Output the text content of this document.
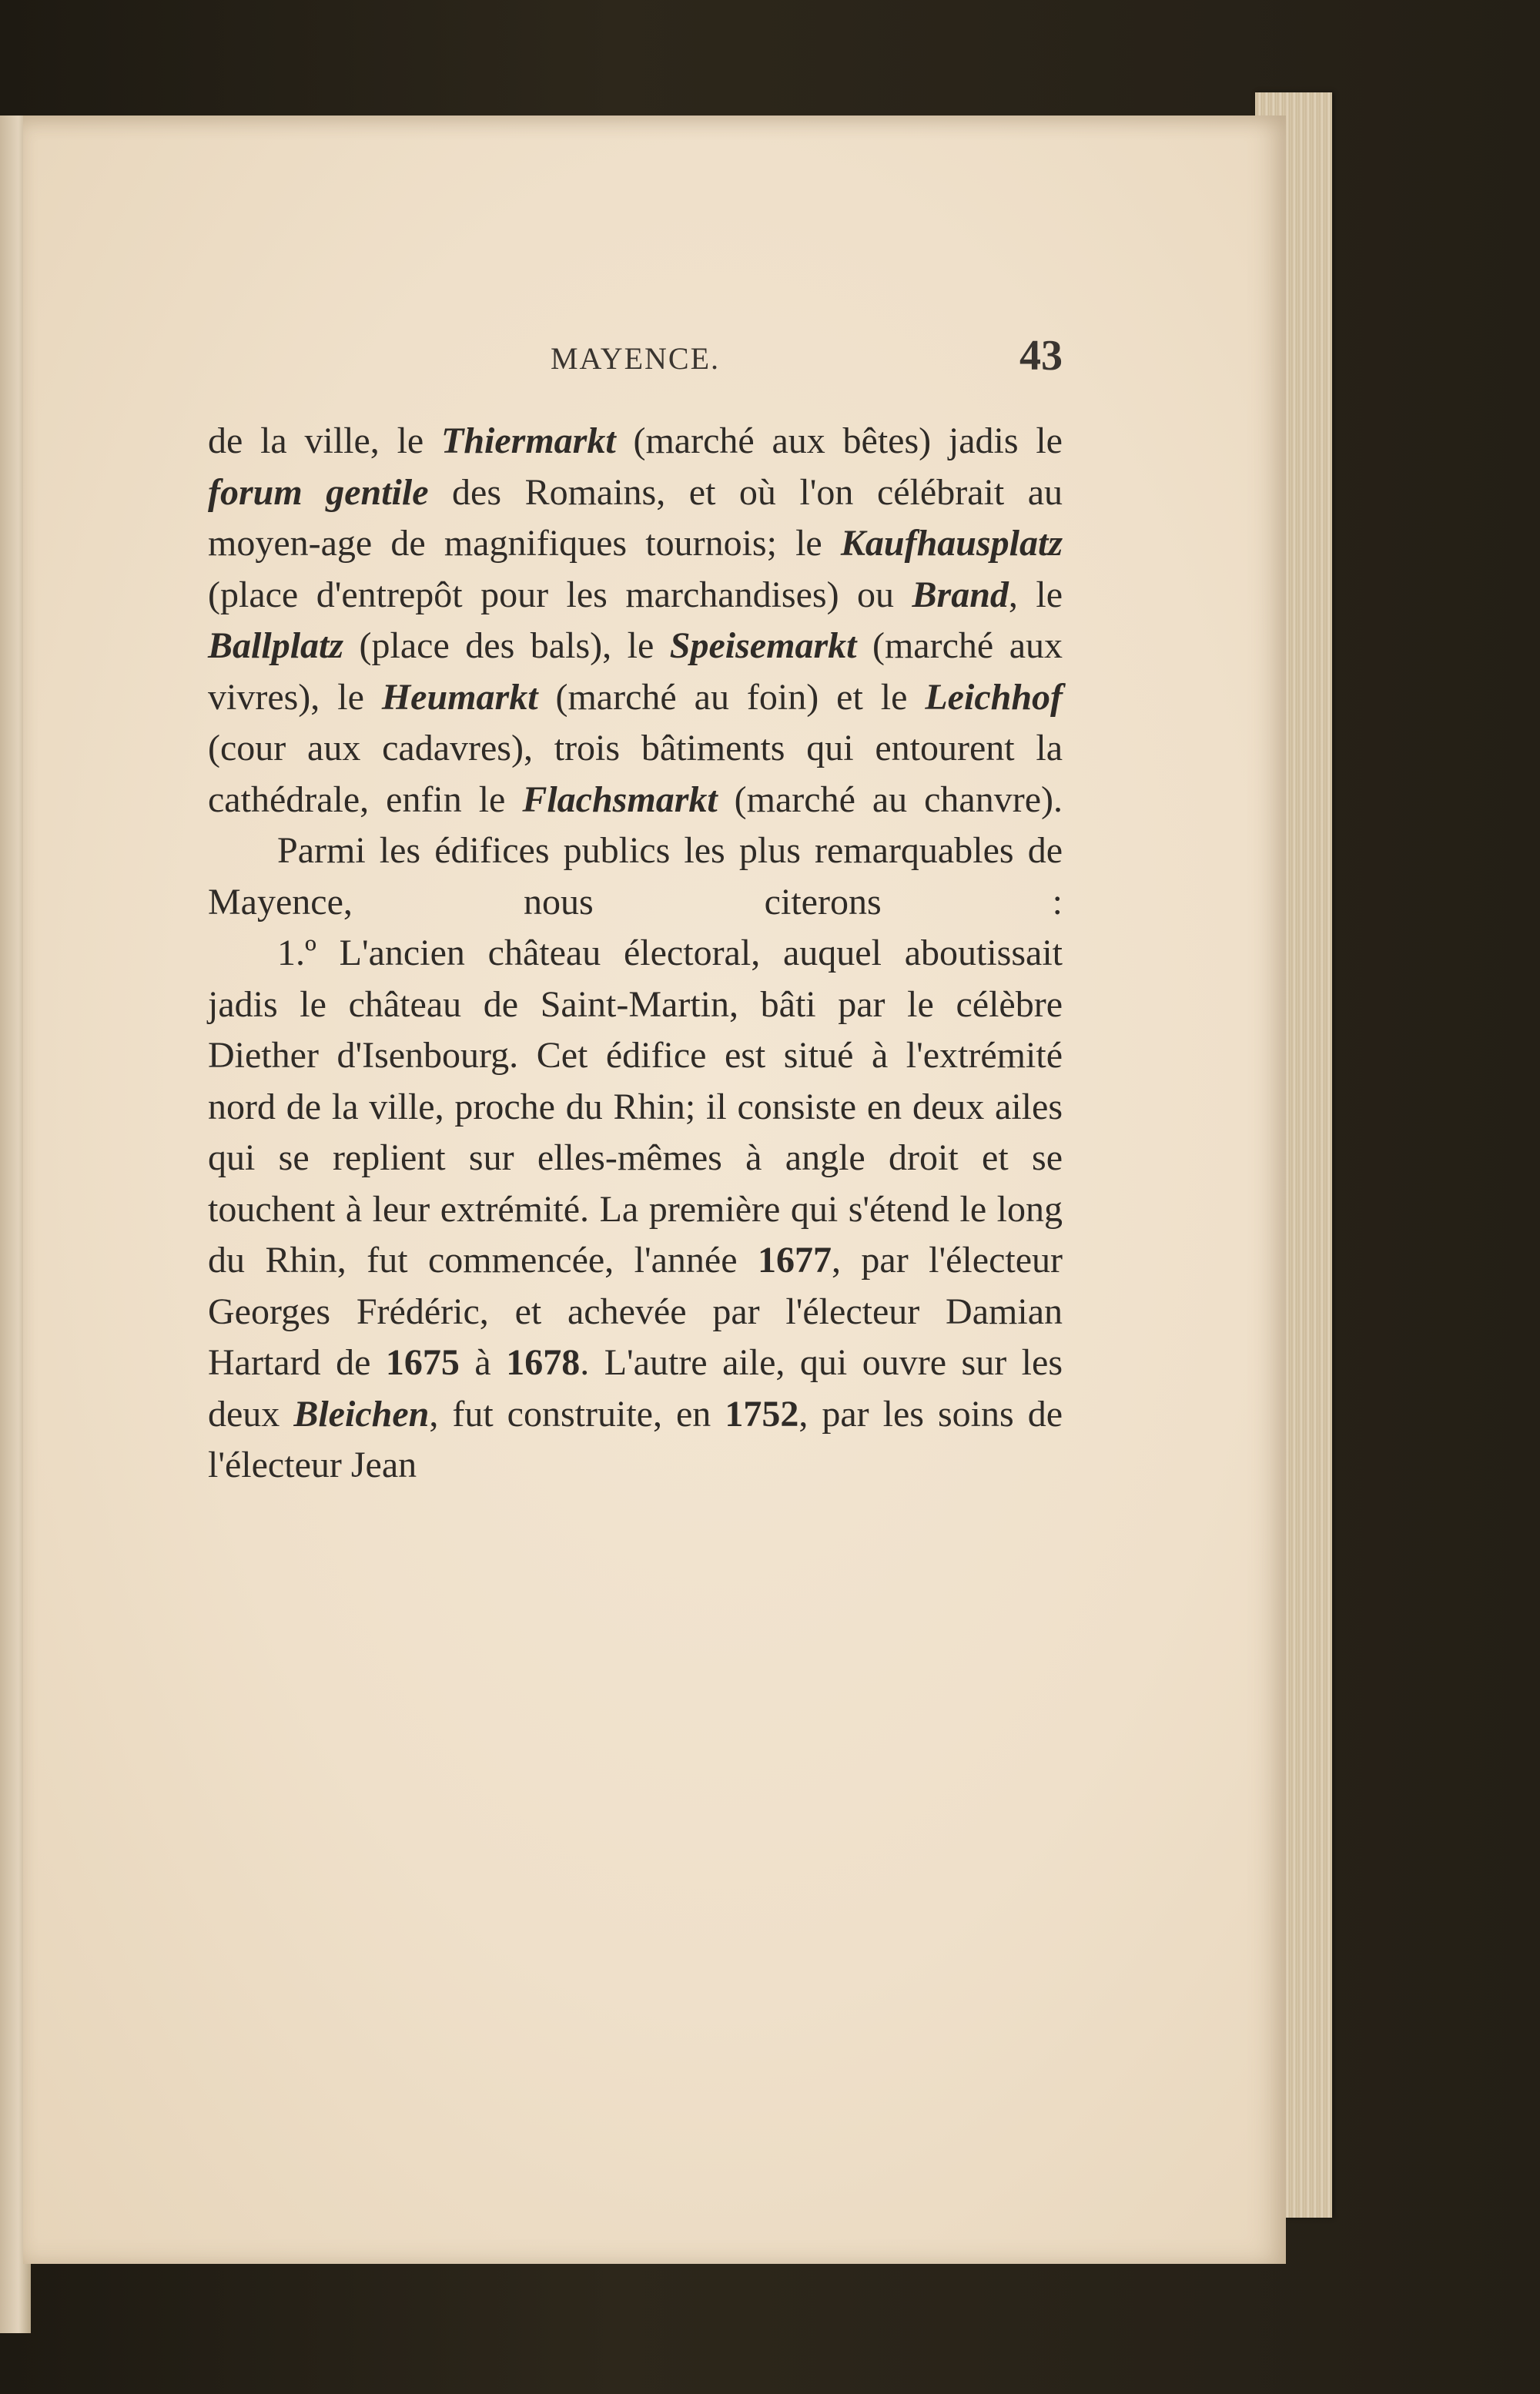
MAYENCE.	43

de la ville, le Thiermarkt (marché aux bêtes) jadis le forum gentile des Romains, et où l'on célébrait au moyen-age de magnifiques tournois; le Kaufhausplatz (place d'entrepôt pour les marchandises) ou Brand, le Ballplatz (place des bals), le Speisemarkt (marché aux vivres), le Heumarkt (marché au foin) et le Leichhof (cour aux cadavres), trois bâtiments qui entourent la cathédrale, enfin le Flachsmarkt (marché au chanvre).

Parmi les édifices publics les plus remarquables de Mayence, nous citerons :

1.º L'ancien château électoral, auquel aboutissait jadis le château de Saint-Martin, bâti par le célèbre Diether d'Isenbourg. Cet édifice est situé à l'extrémité nord de la ville, proche du Rhin; il consiste en deux ailes qui se replient sur elles-mêmes à angle droit et se touchent à leur extrémité. La première qui s'étend le long du Rhin, fut commencée, l'année 1677, par l'électeur Georges Frédéric, et achevée par l'électeur Damian Hartard de 1675 à 1678. L'autre aile, qui ouvre sur les deux Bleichen, fut construite, en 1752, par les soins de l'électeur Jean
